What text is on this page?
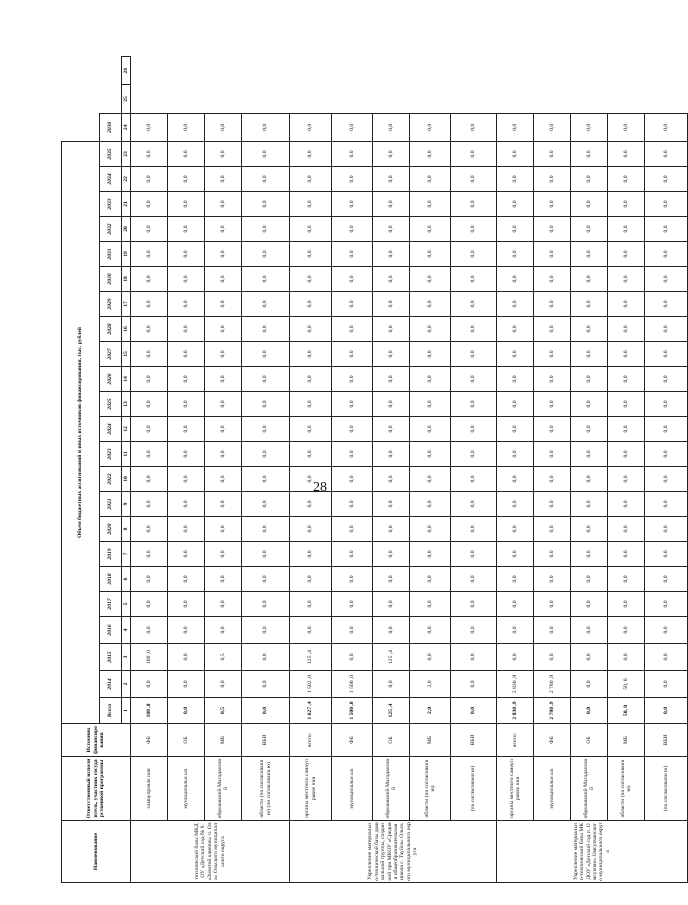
28
Наименование	Ответственный исполнитель, участник государственной программы	Источник финансирования	Объем бюджетных ассигнований и иных источников финансирования, тыс. рублей																									
			Всего	2014	2015	2016	2017	2018	2019	2020	2021	2022	2023	2024	2025	2026	2027	2028	2029	2030	2031	2032	2033	2034	2035	2036		
			1	2	3	4	5	6	7	8	9	10	11	12	13	14	15	16	17	18	19	20	21	22	23	24	25	26
технической базы МКДОУ «Детский сад № 6 «Золотой ключик» п. Ола» Ольского муниципального округа	самоуправле ния	ФБ	100 ,0	0,0	100 ,0	0,0	0,0	0,0	0,0	0,0	0,0	0,0	0,0	0,0	0,0	0,0	0,0	0,0	0,0	0,0	0,0	0,0	0,0	0,0	0,0	0,0		
	муниципальн ых	ОБ	0,0	0,0	0,0	0,0	0,0	0,0	0,0	0,0	0,0	0,0	0,0	0,0	0,0	0,0	0,0	0,0	0,0	0,0	0,0	0,0	0,0	0,0	0,0	0,0		
	образований Магаданской	МБ	0,5	0,0	0,5	0,0	0,0	0,0	0,0	0,0	0,0	0,0	0,0	0,0	0,0	0,0	0,0	0,0	0,0	0,0	0,0	0,0	0,0	0,0	0,0	0,0		
	области (по согласовани ю) (по согласовани ю)	ВБИ	0,0	0,0	0,0	0,0	0,0	0,0	0,0	0,0	0,0	0,0	0,0	0,0	0,0	0,0	0,0	0,0	0,0	0,0	0,0	0,0	0,0	0,0	0,0	0,0		
Укрепление материально-технической базы дошкольной группы, созданной при МКОУ «Средняя общеобразовательная школа с. Тауйск» Ольского муниципального округа	органы местного самоуправле ния	всего:	1 627 ,4	1 502 ,0	125 ,4	0,0	0,0	0,0	0,0	0,0	0,0	0,0	0,0	0,0	0,0	0,0	0,0	0,0	0,0	0,0	0,0	0,0	0,0	0,0	0,0	0,0		
	муниципальн ых	ФБ	1 500 ,0	1 500 ,0	0,0	0,0	0,0	0,0	0,0	0,0	0,0	0,0	0,0	0,0	0,0	0,0	0,0	0,0	0,0	0,0	0,0	0,0	0,0	0,0	0,0	0,0		
	образований Магаданской	ОБ	125 ,4	0,0	125 ,4	0,0	0,0	0,0	0,0	0,0	0,0	0,0	0,0	0,0	0,0	0,0	0,0	0,0	0,0	0,0	0,0	0,0	0,0	0,0	0,0	0,0		
	области (по согласовани ю)	МБ	2,0	2,0	0,0	0,0	0,0	0,0	0,0	0,0	0,0	0,0	0,0	0,0	0,0	0,0	0,0	0,0	0,0	0,0	0,0	0,0	0,0	0,0	0,0	0,0		
	(по согласовани ю)	ВБИ	0,0	0,0	0,0	0,0	0,0	0,0	0,0	0,0	0,0	0,0	0,0	0,0	0,0	0,0	0,0	0,0	0,0	0,0	0,0	0,0	0,0	0,0	0,0	0,0		
Укрепление материально-технической базы МКДОУ «Детский сад п. Омсукчан» Омсукчанского муниципального округа	органы местного самоуправле ния	всего:	2 830 ,9	2 830 ,9	0,0	0,0	0,0	0,0	0,0	0,0	0,0	0,0	0,0	0,0	0,0	0,0	0,0	0,0	0,0	0,0	0,0	0,0	0,0	0,0	0,0	0,0		
	муниципальн ых	ФБ	2 780 ,9	2 780 ,9	0,0	0,0	0,0	0,0	0,0	0,0	0,0	0,0	0,0	0,0	0,0	0,0	0,0	0,0	0,0	0,0	0,0	0,0	0,0	0,0	0,0	0,0		
	образований Магаданской	ОБ	0,0	0,0	0,0	0,0	0,0	0,0	0,0	0,0	0,0	0,0	0,0	0,0	0,0	0,0	0,0	0,0	0,0	0,0	0,0	0,0	0,0	0,0	0,0	0,0		
	области (по согласовани ю)	МБ	50, 0	50, 0	0,0	0,0	0,0	0,0	0,0	0,0	0,0	0,0	0,0	0,0	0,0	0,0	0,0	0,0	0,0	0,0	0,0	0,0	0,0	0,0	0,0	0,0		
	(по согласовани ю)	ВБИ	0,0	0,0	0,0	0,0	0,0	0,0	0,0	0,0	0,0	0,0	0,0	0,0	0,0	0,0	0,0	0,0	0,0	0,0	0,0	0,0	0,0	0,0	0,0	0,0		
